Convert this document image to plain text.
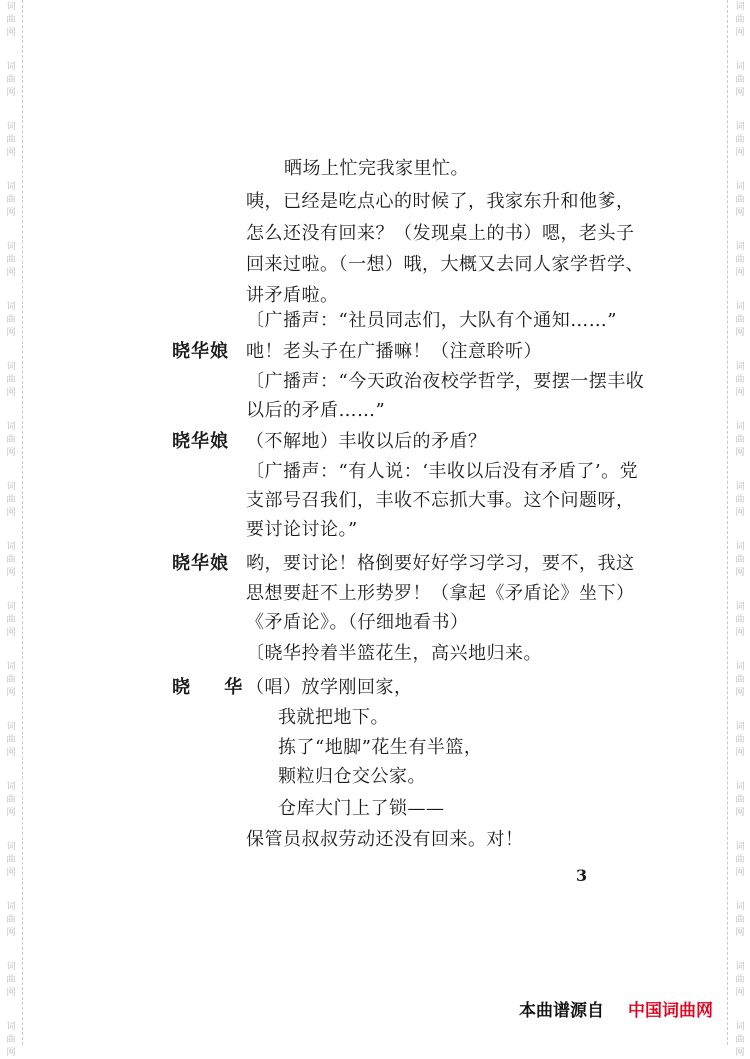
词
曲
网
词
曲
网
词
曲
网
词
曲
网
词
曲
网
词
曲
网
词
曲
网
词
曲
网
词
曲
网
词
曲
网
词
曲
网
词
曲
网
词
曲
网
词
曲
网
词
曲
网
词
曲
网
词
曲
网
词
曲
网
词
曲
网
词
曲
网
词
曲
网
词
曲
网
词
曲
网
词
曲
网
词
曲
网
词
曲
网
词
曲
网
词
曲
网
词
曲
网
词
曲
网
词
曲
网
词
曲
网
词
曲
网
词
曲
网
词
曲
网
词
曲
网
晒场上忙完我家里忙。
咦，已经是吃点心的时候了，我家东升和他爹，
怎么还没有回来？（发现桌上的书）嗯，老头子
回来过啦。（一想）哦，大概又去同人家学哲学、
讲矛盾啦。
〔广播声：“社员同志们，大队有个通知……”
晓华娘 吔！老头子在广播嘛！（注意聆听）
〔广播声：“今天政治夜校学哲学，要摆一摆丰收
以后的矛盾……”
晓华娘 （不解地）丰收以后的矛盾？
〔广播声：“有人说：‘丰收以后没有矛盾了’。党
支部号召我们，丰收不忘抓大事。这个问题呀，
要讨论讨论。”
晓华娘 哟，要讨论！格倒要好好学习学习，要不，我这
思想要赶不上形势罗！（拿起《矛盾论》坐下）
《矛盾论》。（仔细地看书）
〔晓华拎着半篮花生，高兴地归来。
晓 华
（唱）放学刚回家，
我就把地下。
拣了“地脚”花生有半篮，
颗粒归仓交公家。
仓库大门上了锁——
保管员叔叔劳动还没有回来。对！
3
本曲谱源自 中国词曲网
